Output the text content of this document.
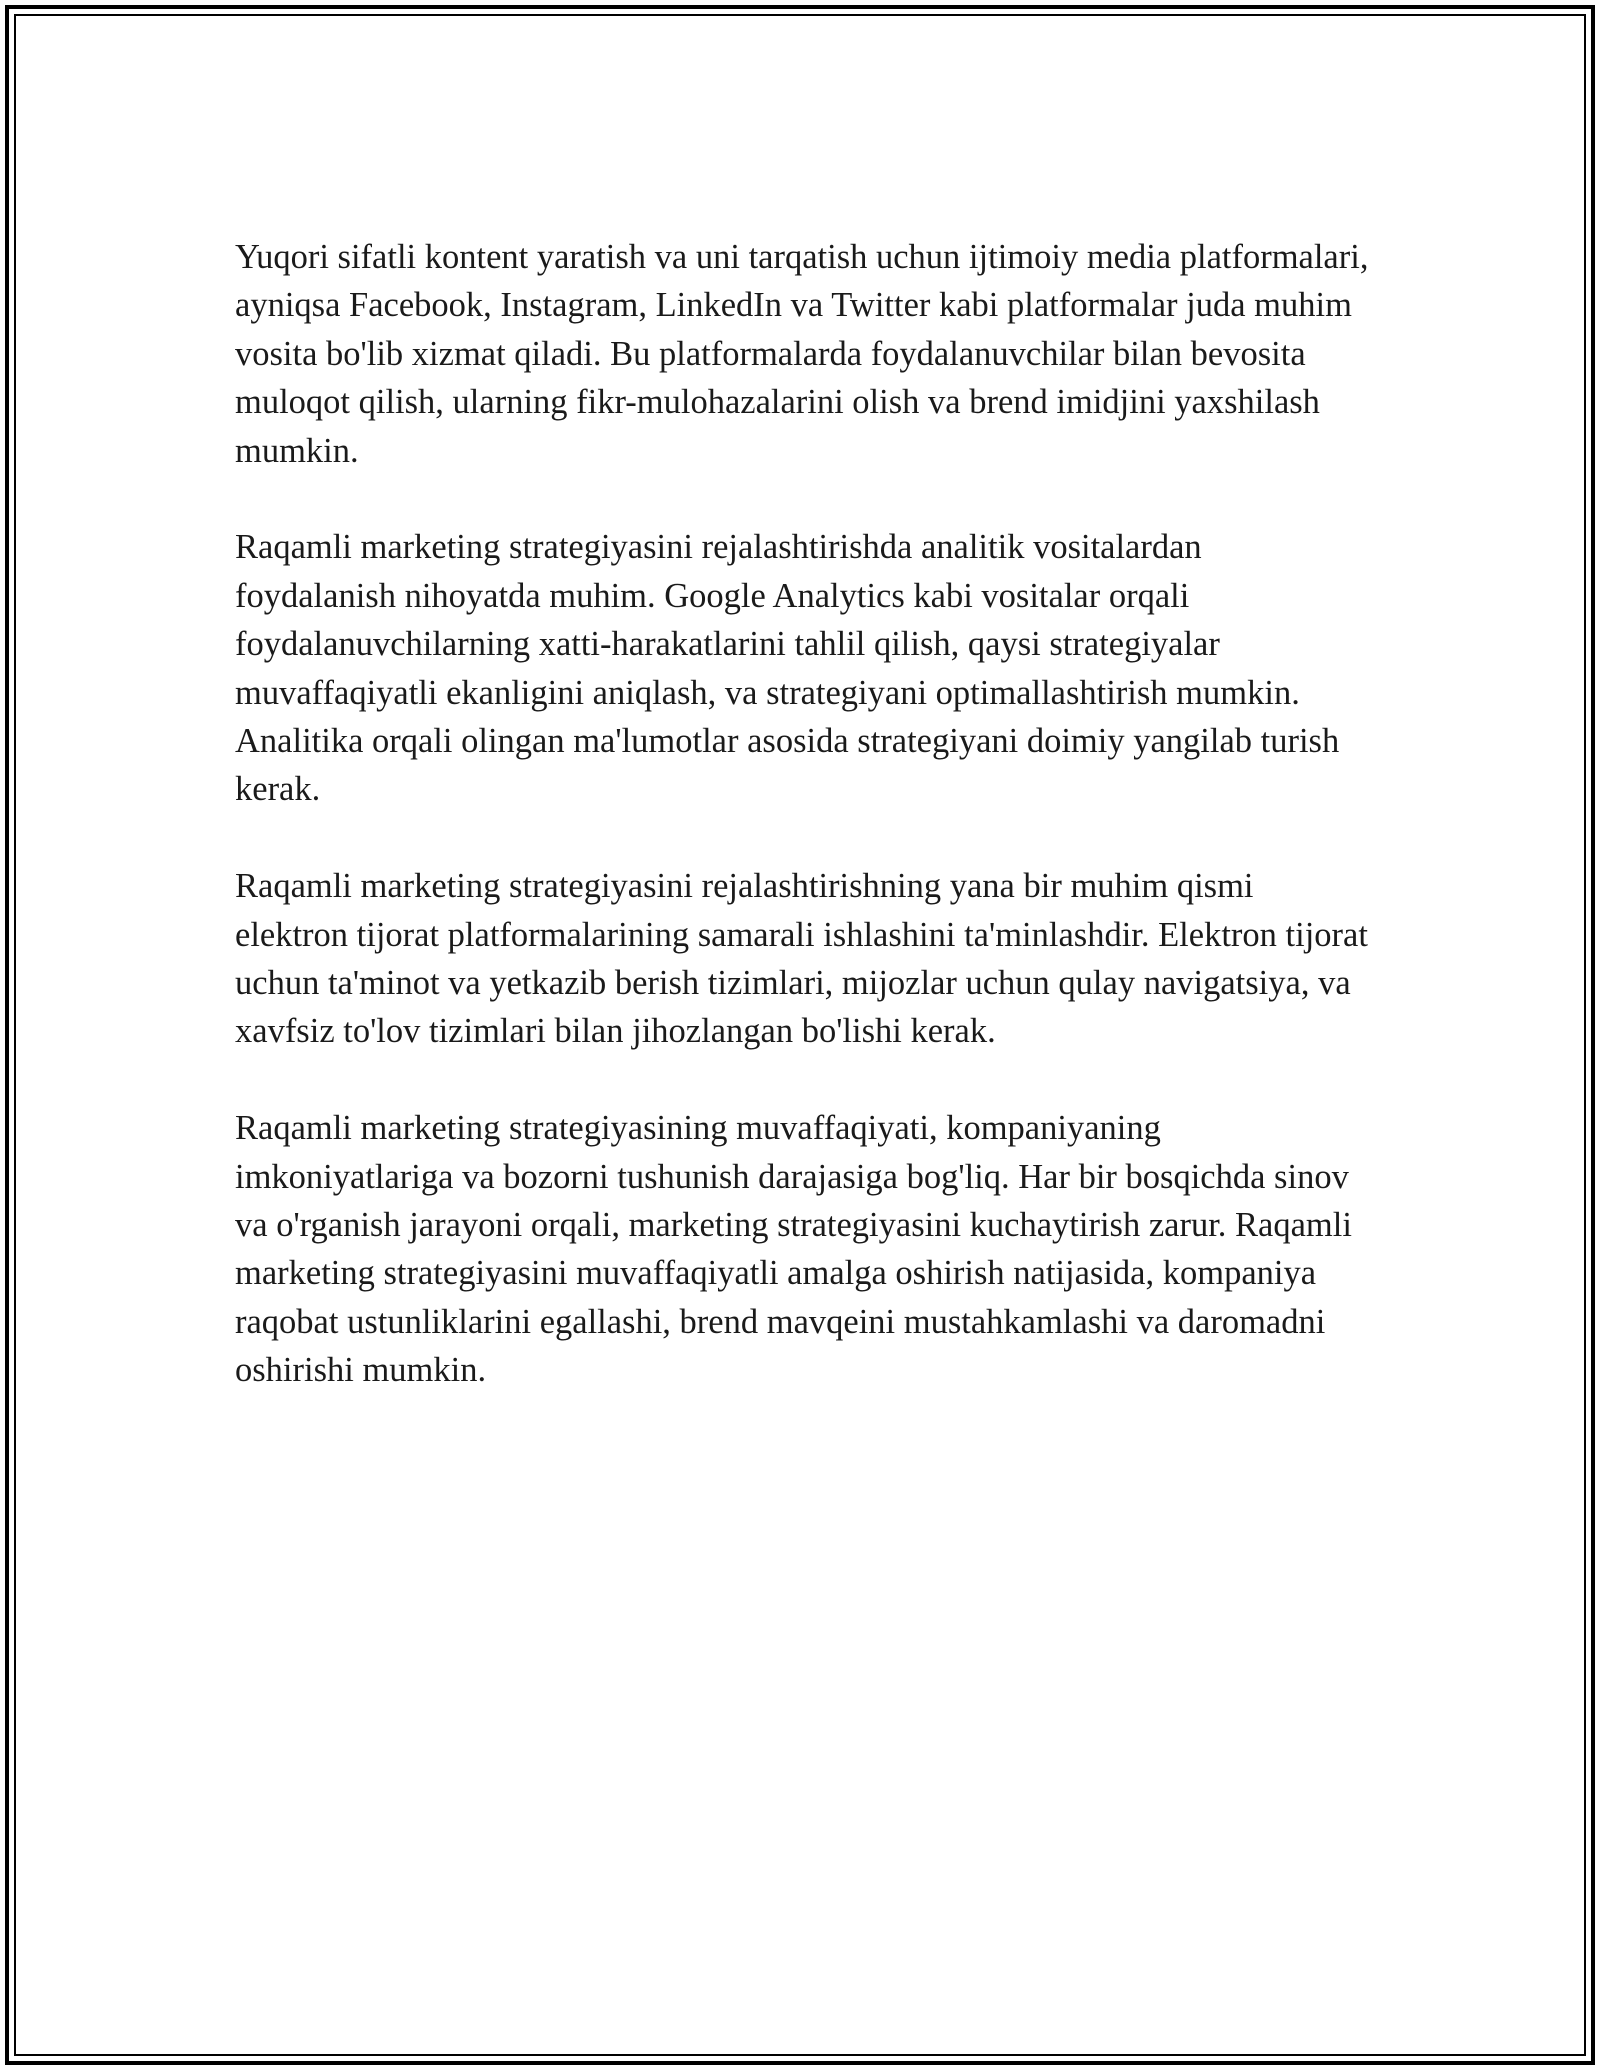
Yuqori sifatli kontent yaratish va uni tarqatish uchun ijtimoiy media platformalari, ayniqsa Facebook, Instagram, LinkedIn va Twitter kabi platformalar juda muhim vosita bo'lib xizmat qiladi. Bu platformalarda foydalanuvchilar bilan bevosita muloqot qilish, ularning fikr-mulohazalarini olish va brend imidjini yaxshilash mumkin.

Raqamli marketing strategiyasini rejalashtirishda analitik vositalardan foydalanish nihoyatda muhim. Google Analytics kabi vositalar orqali foydalanuvchilarning xatti-harakatlarini tahlil qilish, qaysi strategiyalar muvaffaqiyatli ekanligini aniqlash, va strategiyani optimallashtirish mumkin. Analitika orqali olingan ma'lumotlar asosida strategiyani doimiy yangilab turish kerak.

Raqamli marketing strategiyasini rejalashtirishning yana bir muhim qismi elektron tijorat platformalarining samarali ishlashini ta'minlashdir. Elektron tijorat uchun ta'minot va yetkazib berish tizimlari, mijozlar uchun qulay navigatsiya, va xavfsiz to'lov tizimlari bilan jihozlangan bo'lishi kerak.

Raqamli marketing strategiyasining muvaffaqiyati, kompaniyaning imkoniyatlariga va bozorni tushunish darajasiga bog'liq. Har bir bosqichda sinov va o'rganish jarayoni orqali, marketing strategiyasini kuchaytirish zarur. Raqamli marketing strategiyasini muvaffaqiyatli amalga oshirish natijasida, kompaniya raqobat ustunliklarini egallashi, brend mavqeini mustahkamlashi va daromadni oshirishi mumkin.
